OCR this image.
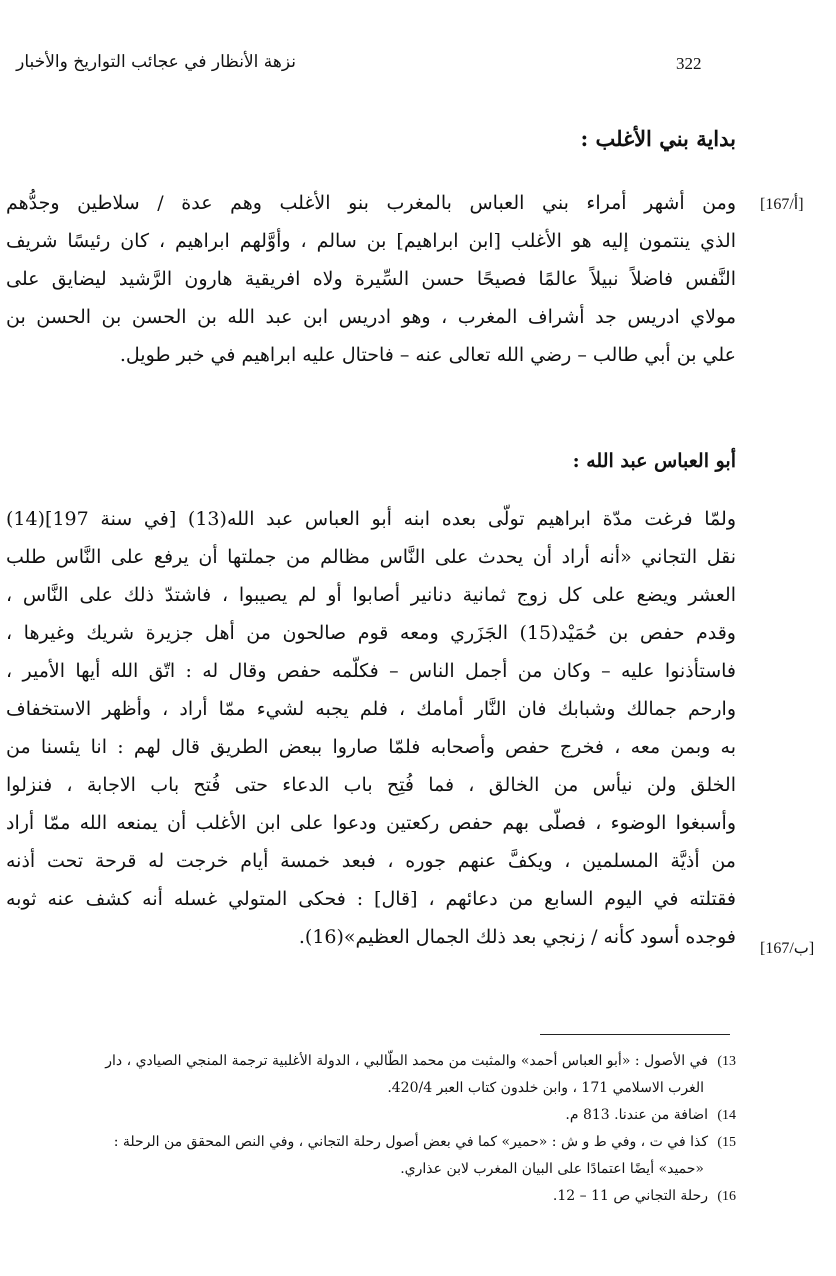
نزهة الأنظار في عجائب التواريخ والأخبار	322
بداية بني الأغلب :
[167/أ]
ومن أشهر أمراء بني العباس بالمغرب بنو الأغلب وهم عدة / سلاطين وجدُّهم
الذي ينتمون إليه هو الأغلب [ابن ابراهيم] بن سالم ، وأوَّلهم ابراهيم ، كان رئيسًا شريف
النَّفس فاضلاً نبيلاً عالمًا فصيحًا حسن السِّيرة ولاه افريقية هارون الرَّشيد ليضايق على
مولاي ادريس جد أشراف المغرب ، وهو ادريس ابن عبد الله بن الحسن بن الحسن بن
علي بن أبي طالب – رضي الله تعالى عنه – فاحتال عليه ابراهيم في خبر طويل.
أبو العباس عبد الله :
ولمّا فرغت مدّة ابراهيم تولّى بعده ابنه أبو العباس عبد الله(13) [في سنة 197](14)
نقل التجاني «أنه أراد أن يحدث على النَّاس مظالم من جملتها أن يرفع على النَّاس طلب
العشر ويضع على كل زوج ثمانية دنانير أصابوا أو لم يصيبوا ، فاشتدّ ذلك على النَّاس ،
وقدم حفص بن حُمَيْد(15) الجَزَري ومعه قوم صالحون من أهل جزيرة شريك وغيرها ،
فاستأذنوا عليه – وكان من أجمل الناس – فكلّمه حفص وقال له : اتّق الله أيها الأمير ،
وارحم جمالك وشبابك فان النَّار أمامك ، فلم يجبه لشيء ممّا أراد ، وأظهر الاستخفاف
به وبمن معه ، فخرج حفص وأصحابه فلمّا صاروا ببعض الطريق قال لهم : انا يئسنا من
الخلق ولن نيأس من الخالق ، فما فُتِح باب الدعاء حتى فُتح باب الاجابة ، فنزلوا
وأسبغوا الوضوء ، فصلّى بهم حفص ركعتين ودعوا على ابن الأغلب أن يمنعه الله ممّا أراد
من أذيَّة المسلمين ، ويكفَّ عنهم جوره ، فبعد خمسة أيام خرجت له قرحة تحت أذنه
فقتلته في اليوم السابع من دعائهم ، [قال] : فحكى المتولي غسله أنه كشف عنه ثوبه
فوجده أسود كأنه / زنجي بعد ذلك الجمال العظيم»(16).
[167/ب]
13)في الأصول : «أبو العباس أحمد» والمثبت من محمد الطّالبي ، الدولة الأغلبية ترجمة المنجي الصيادي ، دار
الغرب الاسلامي 171 ، وابن خلدون كتاب العبر 420/4.
14)اضافة من عندنا. 813 م.
15)كذا في ت ، وفي ط و ش : «حمير» كما في بعض أصول رحلة التجاني ، وفي النص المحقق من الرحلة :
«حميد» أيضًا اعتمادًا على البيان المغرب لابن عذاري.
16)رحلة التجاني ص 11 – 12.
